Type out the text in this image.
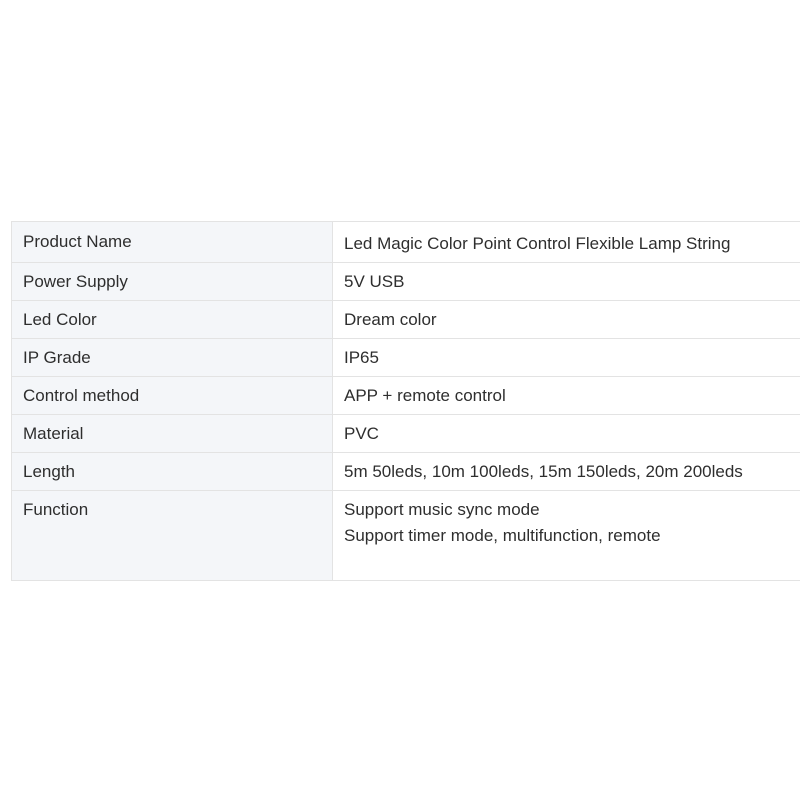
Product Name	Led Magic Color Point Control Flexible Lamp String
Power Supply	5V USB
Led Color	Dream color
IP Grade	IP65
Control method	APP + remote control
Material	PVC
Length	5m 50leds, 10m 100leds, 15m 150leds, 20m 200leds
Function	Support music sync mode
Support timer mode, multifunction, remote
